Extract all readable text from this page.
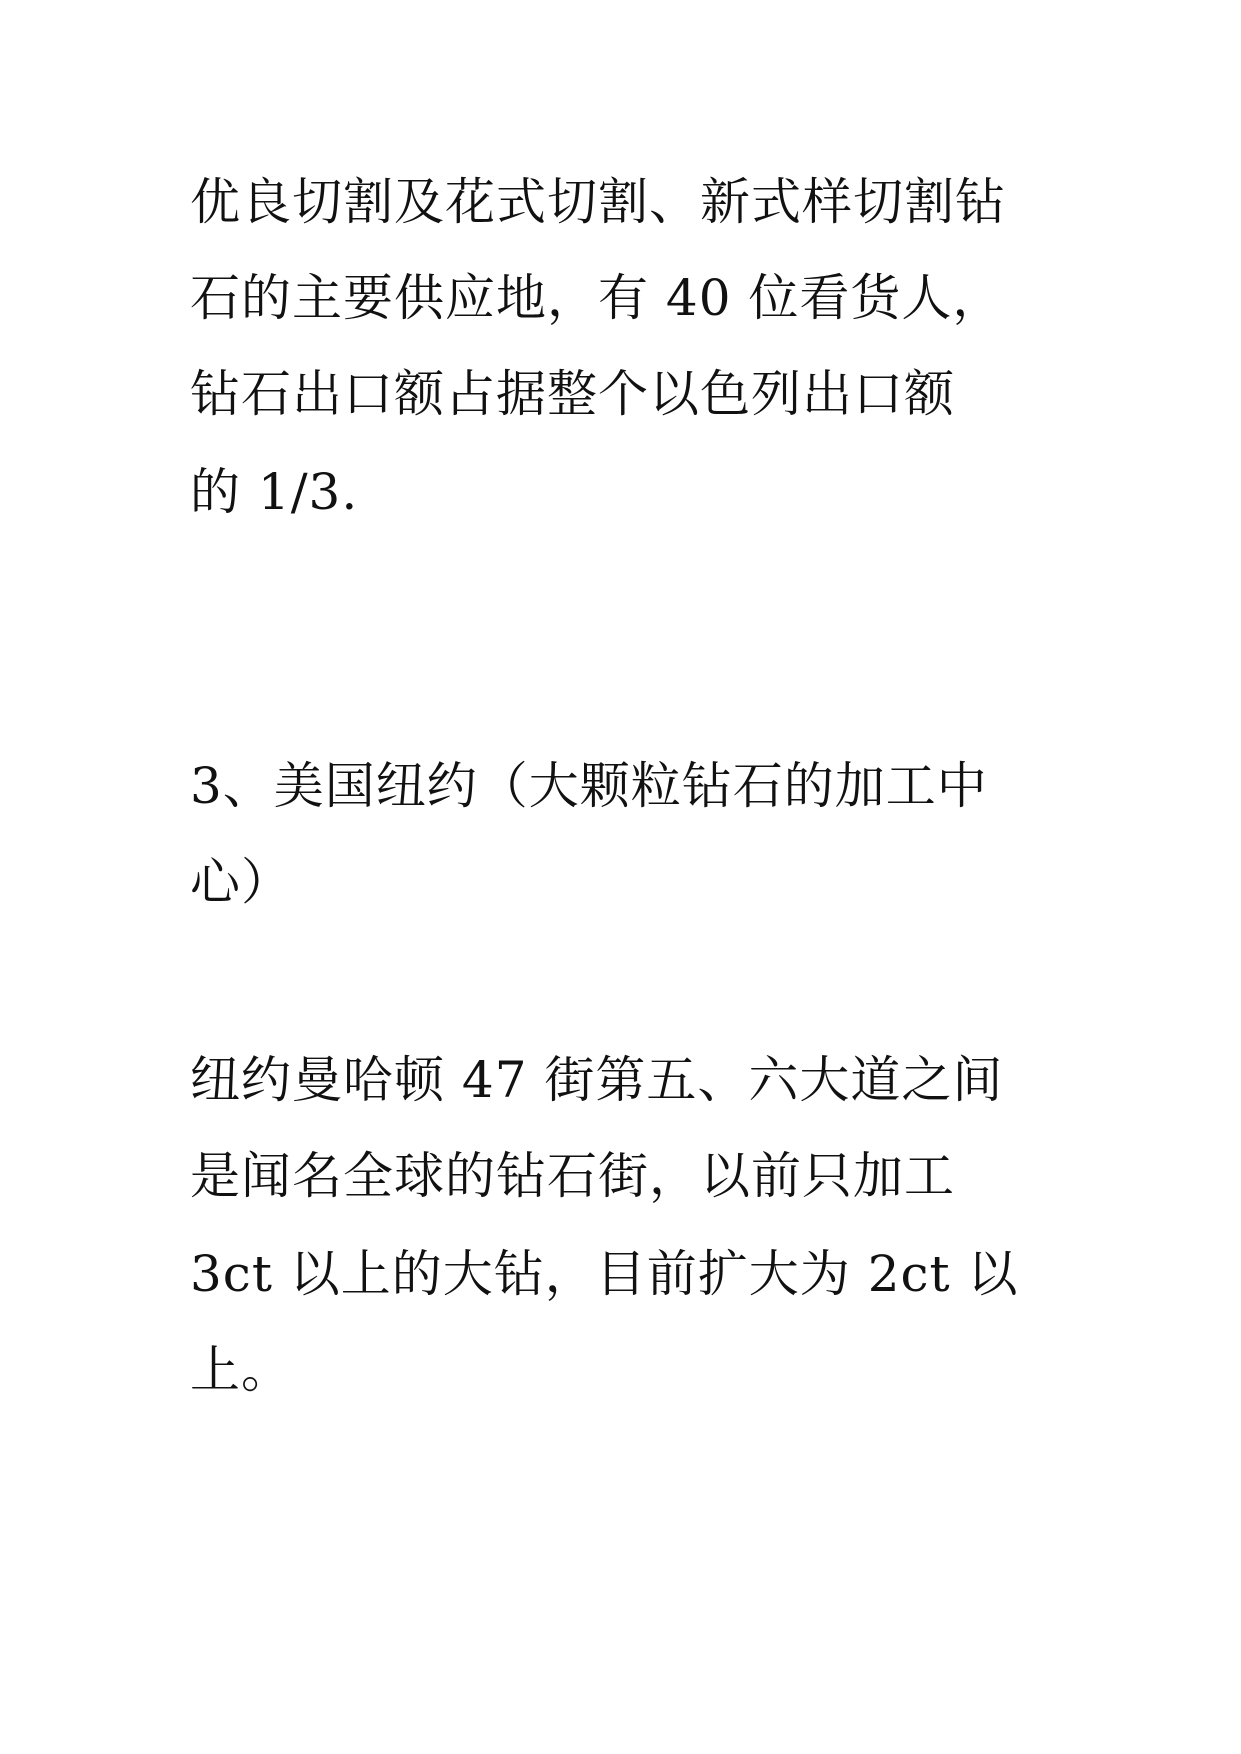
优良切割及花式切割、新式样切割钻
石的主要供应地，有 40 位看货人，
钻石出口额占据整个以色列出口额
的 1/3.
3、美国纽约（大颗粒钻石的加工中
心）
纽约曼哈顿 47 街第五、六大道之间
是闻名全球的钻石街，以前只加工
3ct 以上的大钻，目前扩大为 2ct 以
上。
